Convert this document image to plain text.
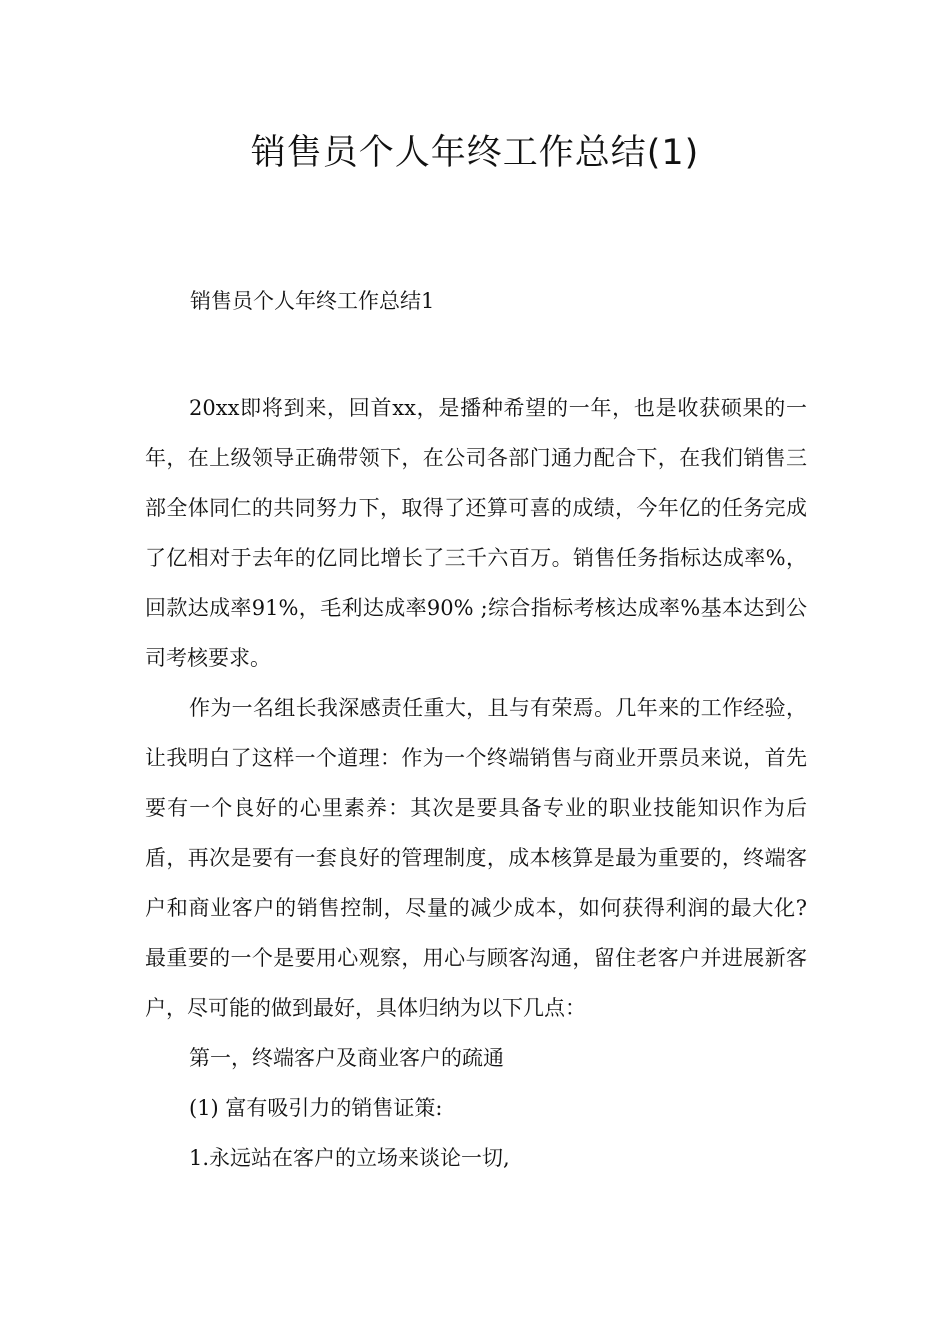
销售员个人年终工作总结(1)
销售员个人年终工作总结1

20xx即将到来，回首xx，是播种希望的一年，也是收获硕果的一年，在上级领导正确带领下，在公司各部门通力配合下，在我们销售三部全体同仁的共同努力下，取得了还算可喜的成绩，今年亿的任务完成了亿相对于去年的亿同比增长了三千六百万。销售任务指标达成率%，回款达成率91%，毛利达成率90% ;综合指标考核达成率%基本达到公司考核要求。

作为一名组长我深感责任重大，且与有荣焉。几年来的工作经验，让我明白了这样一个道理：作为一个终端销售与商业开票员来说，首先要有一个良好的心里素养：其次是要具备专业的职业技能知识作为后盾，再次是要有一套良好的管理制度，成本核算是最为重要的，终端客户和商业客户的销售控制，尽量的减少成本，如何获得利润的最大化?最重要的一个是要用心观察，用心与顾客沟通，留住老客户并进展新客户，尽可能的做到最好，具体归纳为以下几点：

第一，终端客户及商业客户的疏通

(1) 富有吸引力的销售证策:

1.永远站在客户的立场来谈论一切,
